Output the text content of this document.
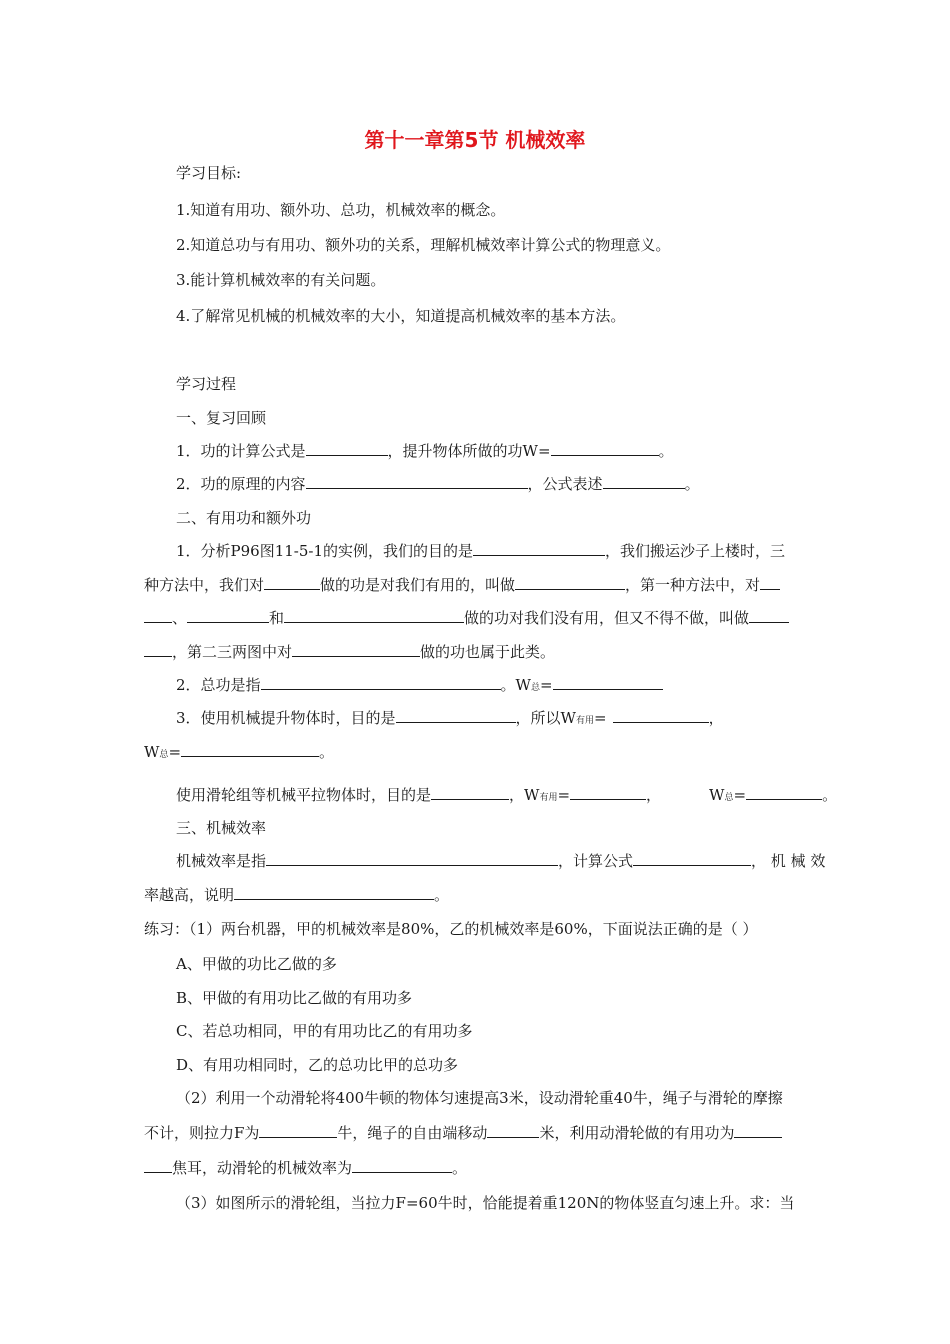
第十一章第5节 机械效率
学习目标:
1.知道有用功、额外功、总功，机械效率的概念。
2.知道总功与有用功、额外功的关系，理解机械效率计算公式的物理意义。
3.能计算机械效率的有关问题。
4.了解常见机械的机械效率的大小，知道提高机械效率的基本方法。
学习过程
一、复习回顾
1．功的计算公式是	，提升物体所做的功W=	。
2．功的原理的内容	，公式表述	。
二、有用功和额外功
1．分析P96图11-5-1的实例，我们的目的是	，我们搬运沙子上楼时，三
种方法中，我们对	做的功是对我们有用的，叫做	，第一种方法中，对
、	和	做的功对我们没有用，但又不得不做，叫做
，第二三两图中对	做的功也属于此类。
2．总功是指	。W总=
3．使用机械提升物体时，目的是	，所以W有用=	，
W总=	。
使用滑轮组等机械平拉物体时，目的是	，W有用=	，	W总=	。
三、机械效率
机械效率是指	，计算公式	， 机 械 效
率越高，说明	。
练习：（1）两台机器，甲的机械效率是80%，乙的机械效率是60%，下面说法正确的是（ ）
A、甲做的功比乙做的多
B、甲做的有用功比乙做的有用功多
C、若总功相同，甲的有用功比乙的有用功多
D、有用功相同时，乙的总功比甲的总功多
（2）利用一个动滑轮将400牛顿的物体匀速提高3米，设动滑轮重40牛，绳子与滑轮的摩擦
不计，则拉力F为	牛，绳子的自由端移动	米，利用动滑轮做的有用功为
焦耳，动滑轮的机械效率为	。
（3）如图所示的滑轮组，当拉力F=60牛时，恰能提着重120N的物体竖直匀速上升。求：当
